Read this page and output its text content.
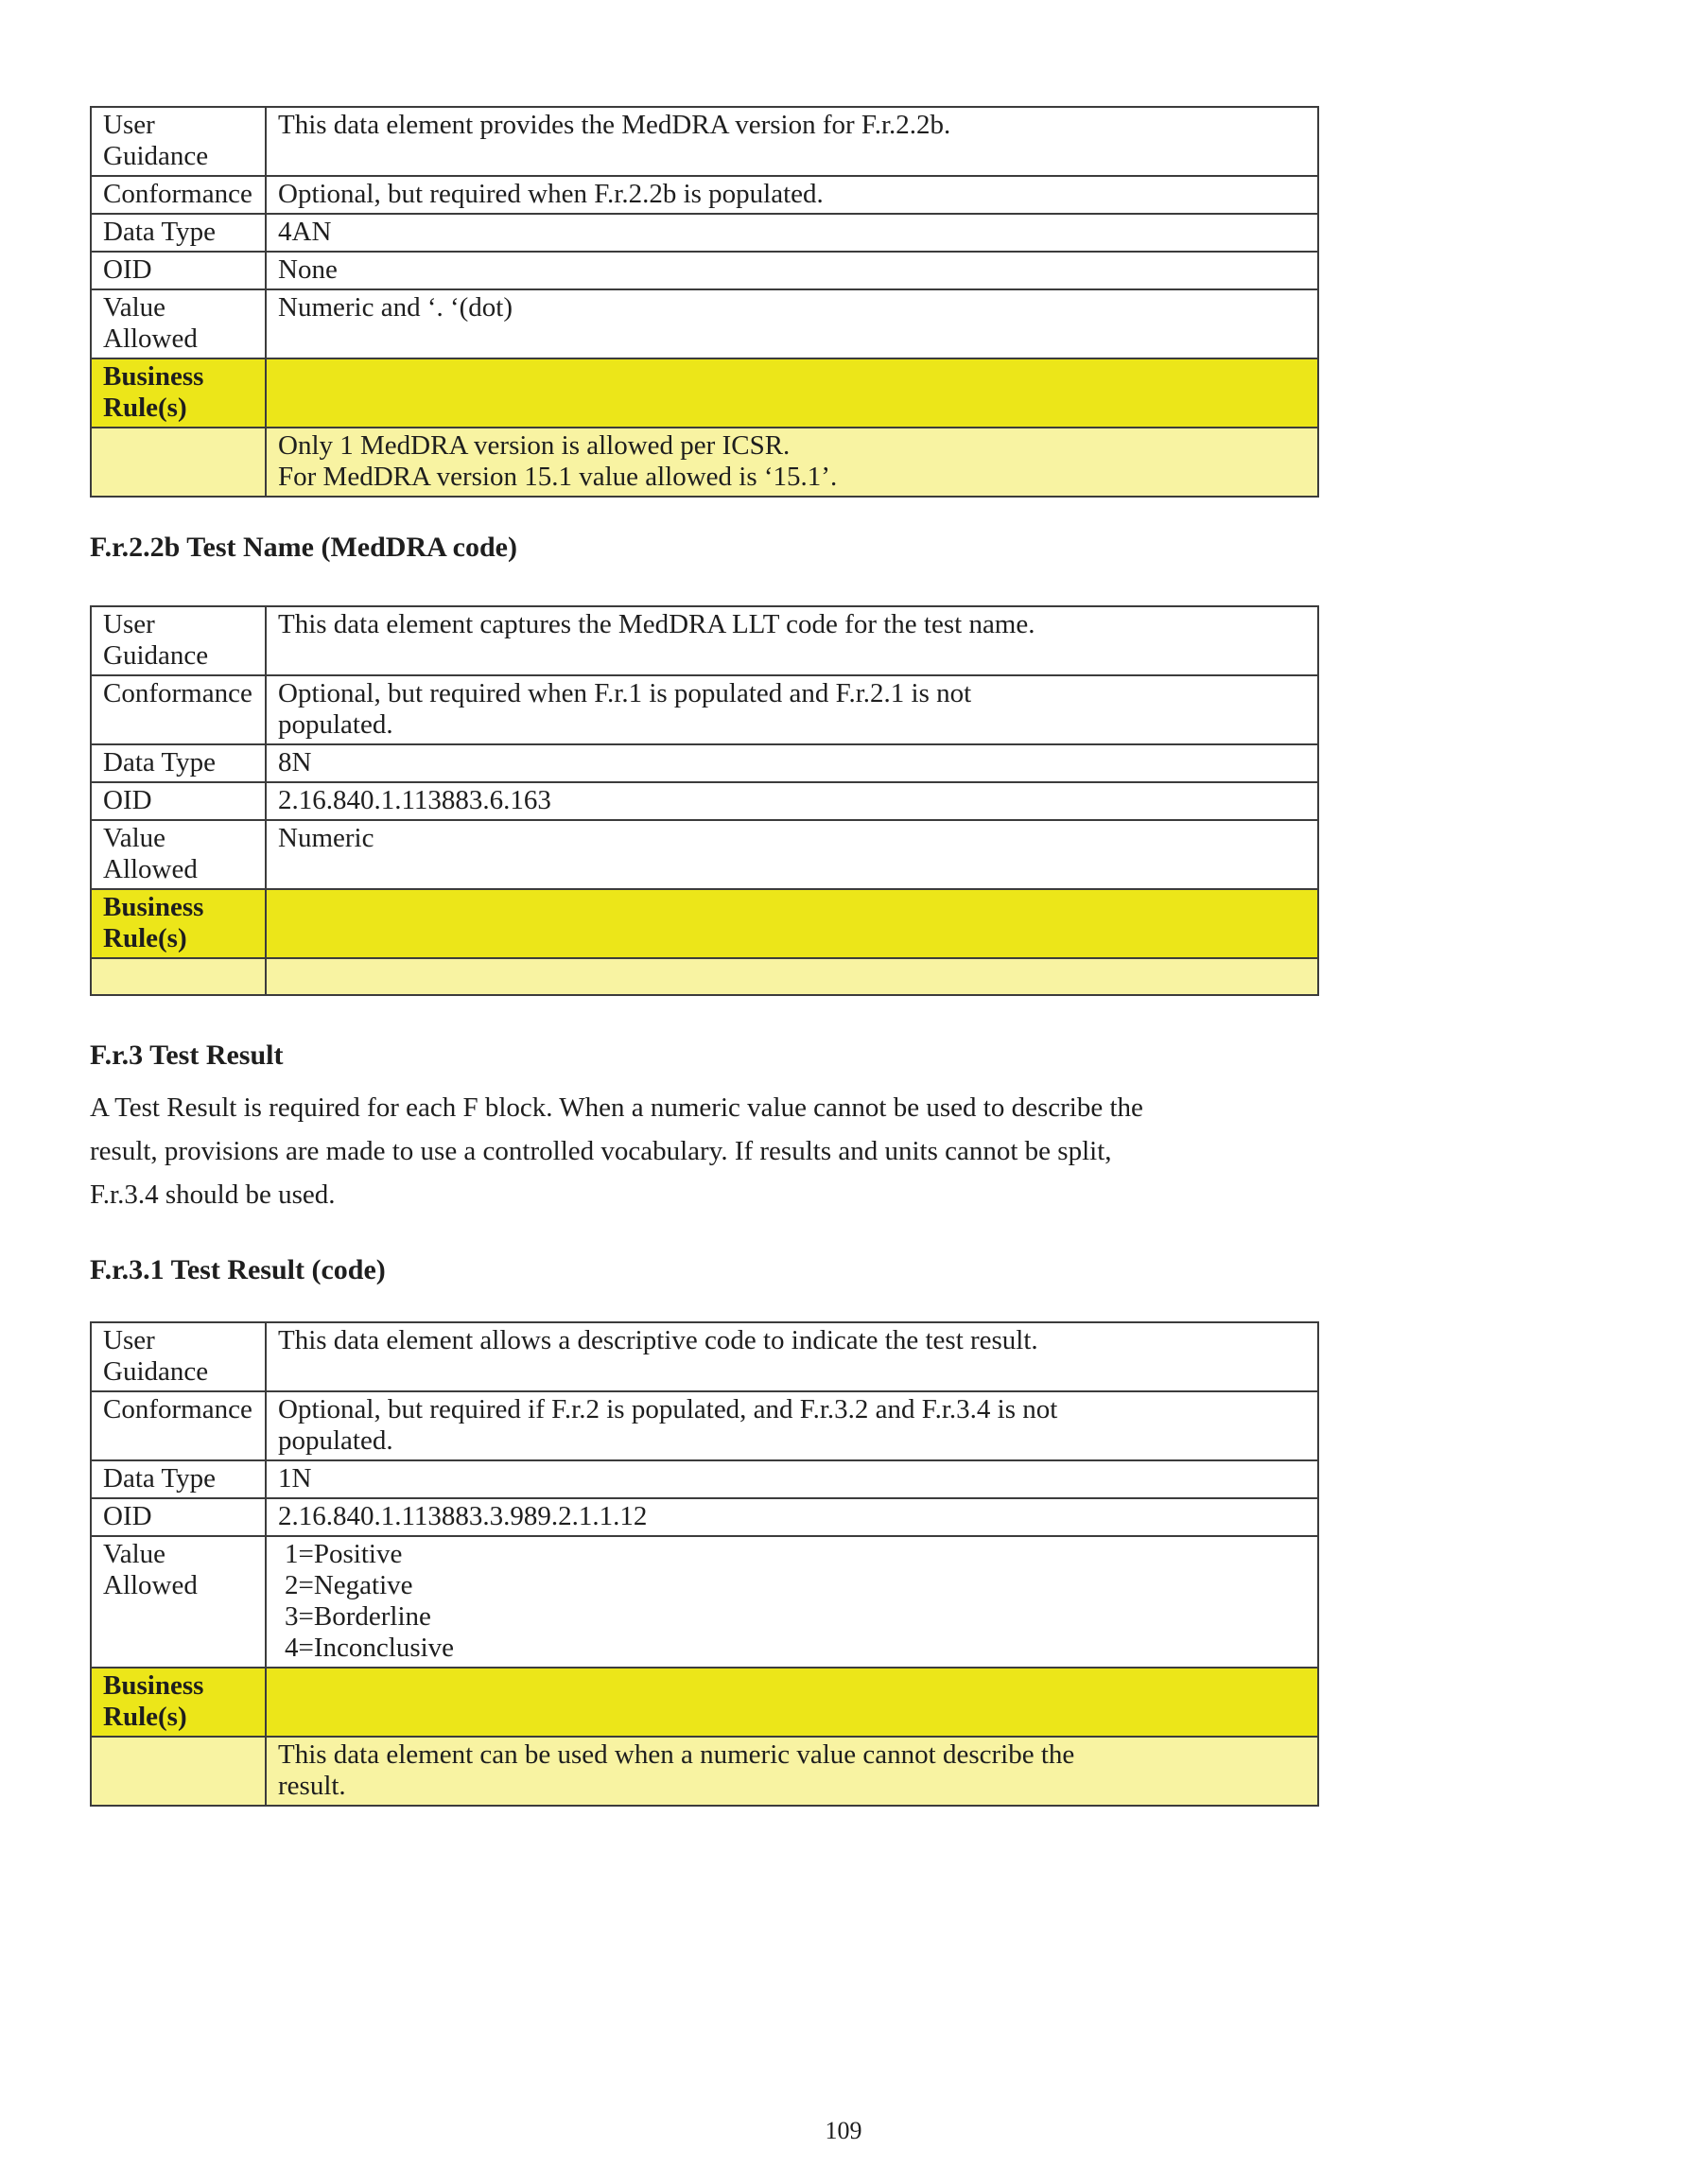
User Guidance	This data element provides the MedDRA version for F.r.2.2b.

Conformance	Optional, but required when F.r.2.2b is populated.

Data Type	4AN

OID	None

Value Allowed	Numeric and ‘. ‘(dot)

Business Rule(s)	

	Only 1 MedDRA version is allowed per ICSR.
For MedDRA version 15.1 value allowed is ‘15.1’.
F.r.2.2b Test Name (MedDRA code)
User Guidance	This data element captures the MedDRA LLT code for the test name.

Conformance	Optional, but required when F.r.1 is populated and F.r.2.1 is not
populated.

Data Type	8N

OID	2.16.840.1.113883.6.163

Value Allowed	Numeric

Business Rule(s)	

F.r.3 Test Result
A Test Result is required for each F block. When a numeric value cannot be used to describe the
result, provisions are made to use a controlled vocabulary. If results and units cannot be split,
F.r.3.4 should be used.
F.r.3.1 Test Result (code)
User Guidance	This data element allows a descriptive code to indicate the test result.

Conformance	Optional, but required if F.r.2 is populated, and F.r.3.2 and F.r.3.4 is not
populated.

Data Type	1N

OID	2.16.840.1.113883.3.989.2.1.1.12

Value Allowed	1=Positive
2=Negative
3=Borderline
4=Inconclusive

Business Rule(s)	

	This data element can be used when a numeric value cannot describe the
result.
109
